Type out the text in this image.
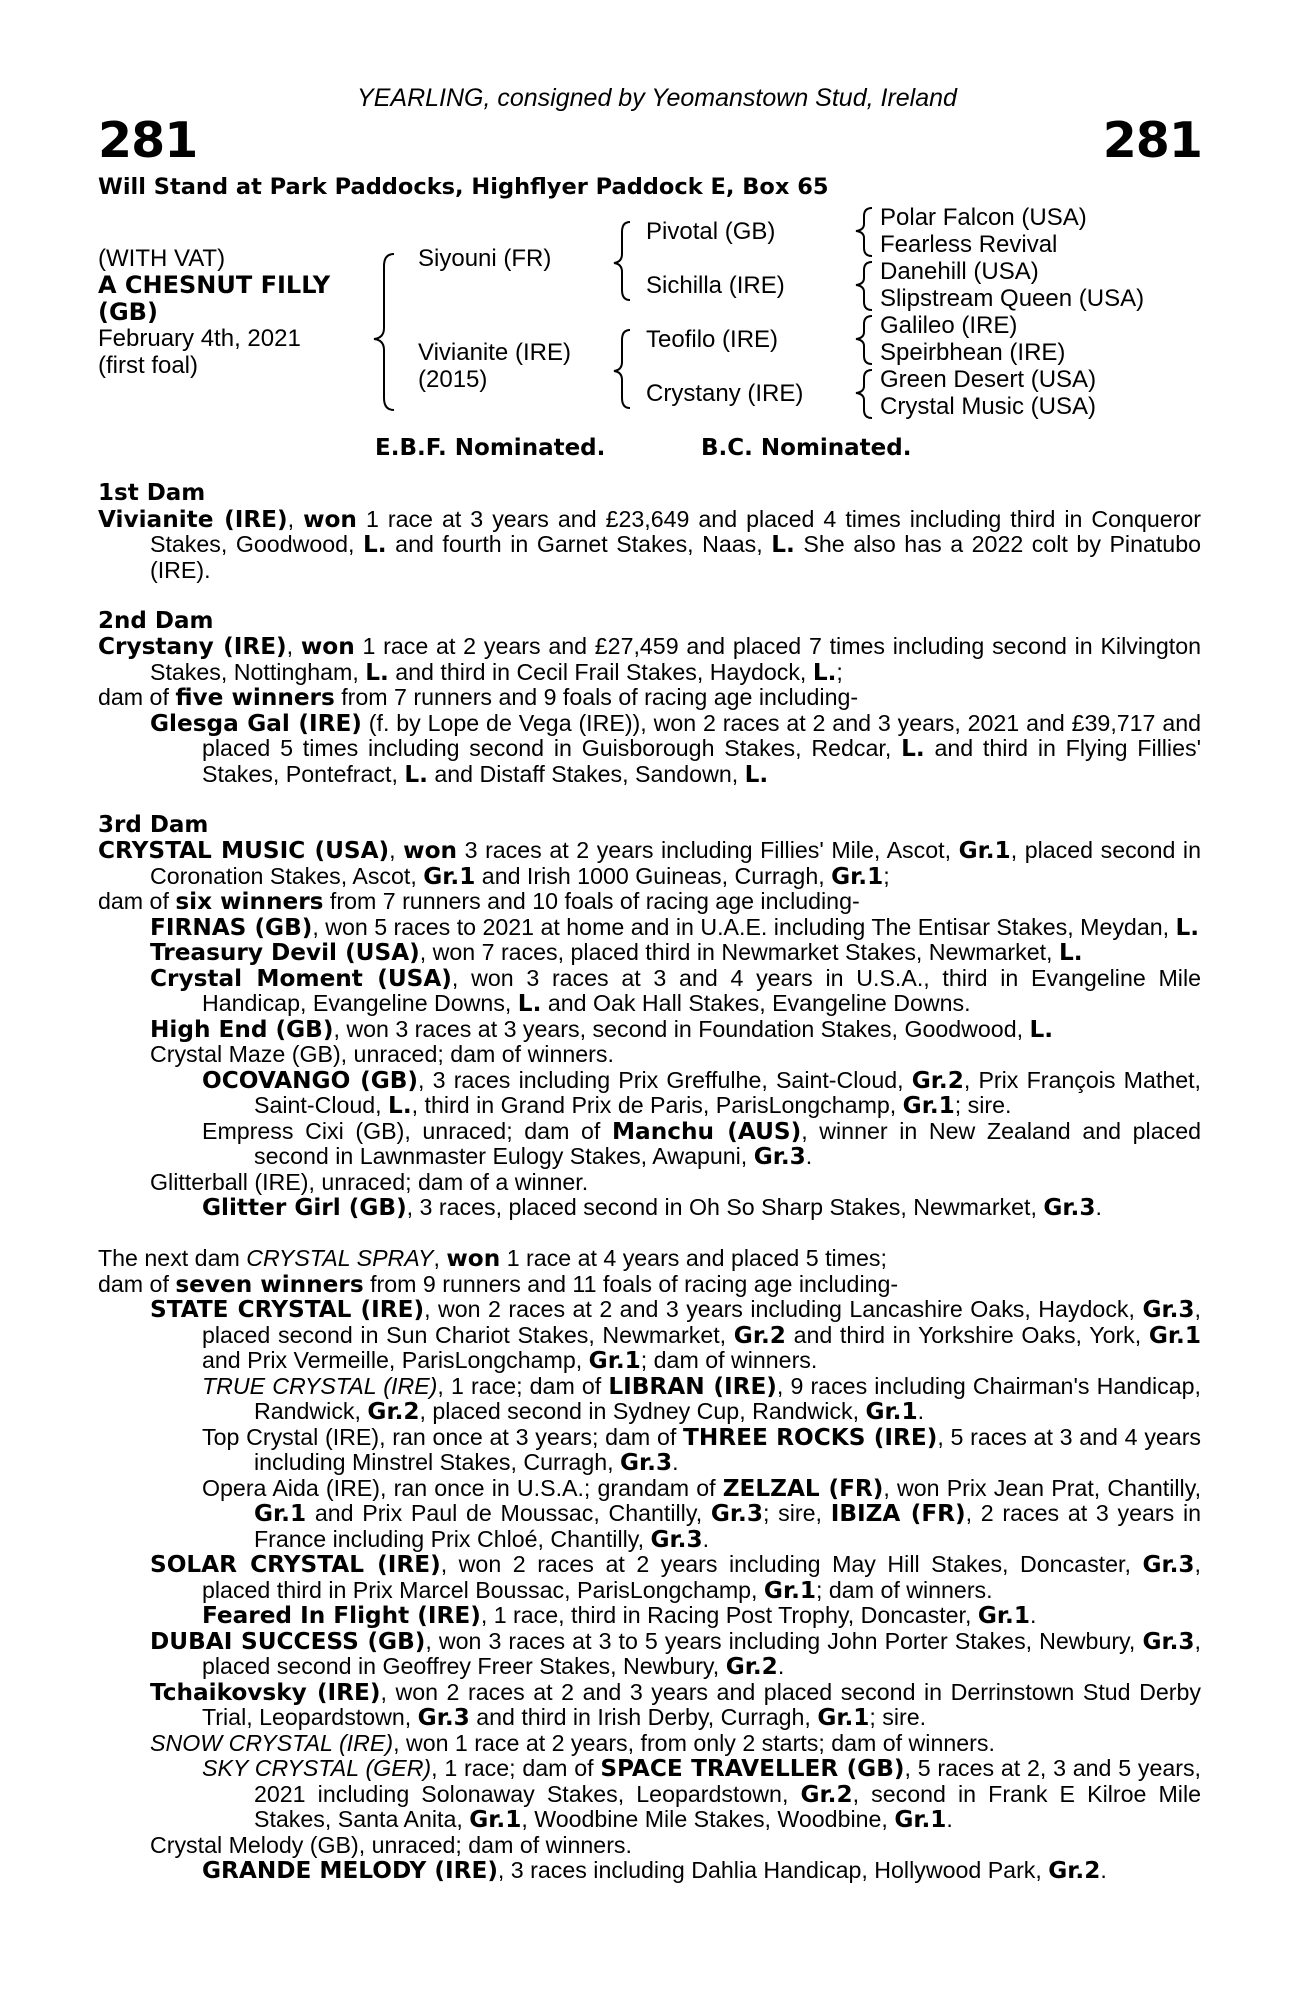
YEARLING, consigned by Yeomanstown Stud, Ireland
281	281
Will Stand at Park Paddocks, Highflyer Paddock E, Box 65
(WITH VAT)
A CHESNUT FILLY
(GB)
February 4th, 2021
(first foal)
Siyouni (FR)
Vivianite (IRE)
(2015)
Pivotal (GB)
Sichilla (IRE)
Teofilo (IRE)
Crystany (IRE)
Polar Falcon (USA)
Fearless Revival
Danehill (USA)
Slipstream Queen (USA)
Galileo (IRE)
Speirbhean (IRE)
Green Desert (USA)
Crystal Music (USA)
E.B.F. Nominated.	B.C. Nominated.
1st Dam

Vivianite (IRE), won 1 race at 3 years and £23,649 and placed 4 times including third in Conqueror Stakes, Goodwood, L. and fourth in Garnet Stakes, Naas, L. She also has a 2022 colt by Pinatubo (IRE).

2nd Dam

Crystany (IRE), won 1 race at 2 years and £27,459 and placed 7 times including second in Kilvington Stakes, Nottingham, L. and third in Cecil Frail Stakes, Haydock, L.;

dam of five winners from 7 runners and 9 foals of racing age including-

Glesga Gal (IRE) (f. by Lope de Vega (IRE)), won 2 races at 2 and 3 years, 2021 and £39,717 and placed 5 times including second in Guisborough Stakes, Redcar, L. and third in Flying Fillies' Stakes, Pontefract, L. and Distaff Stakes, Sandown, L.

3rd Dam

CRYSTAL MUSIC (USA), won 3 races at 2 years including Fillies' Mile, Ascot, Gr.1, placed second in Coronation Stakes, Ascot, Gr.1 and Irish 1000 Guineas, Curragh, Gr.1;

dam of six winners from 7 runners and 10 foals of racing age including-

FIRNAS (GB), won 5 races to 2021 at home and in U.A.E. including The Entisar Stakes, Meydan, L.

Treasury Devil (USA), won 7 races, placed third in Newmarket Stakes, Newmarket, L.

Crystal Moment (USA), won 3 races at 3 and 4 years in U.S.A., third in Evangeline Mile Handicap, Evangeline Downs, L. and Oak Hall Stakes, Evangeline Downs.

High End (GB), won 3 races at 3 years, second in Foundation Stakes, Goodwood, L.

Crystal Maze (GB), unraced; dam of winners.

OCOVANGO (GB), 3 races including Prix Greffulhe, Saint-Cloud, Gr.2, Prix François Mathet, Saint-Cloud, L., third in Grand Prix de Paris, ParisLongchamp, Gr.1; sire.

Empress Cixi (GB), unraced; dam of Manchu (AUS), winner in New Zealand and placed second in Lawnmaster Eulogy Stakes, Awapuni, Gr.3.

Glitterball (IRE), unraced; dam of a winner.

Glitter Girl (GB), 3 races, placed second in Oh So Sharp Stakes, Newmarket, Gr.3.

The next dam CRYSTAL SPRAY, won 1 race at 4 years and placed 5 times;

dam of seven winners from 9 runners and 11 foals of racing age including-

STATE CRYSTAL (IRE), won 2 races at 2 and 3 years including Lancashire Oaks, Haydock, Gr.3, placed second in Sun Chariot Stakes, Newmarket, Gr.2 and third in Yorkshire Oaks, York, Gr.1 and Prix Vermeille, ParisLongchamp, Gr.1; dam of winners.

TRUE CRYSTAL (IRE), 1 race; dam of LIBRAN (IRE), 9 races including Chairman's Handicap, Randwick, Gr.2, placed second in Sydney Cup, Randwick, Gr.1.

Top Crystal (IRE), ran once at 3 years; dam of THREE ROCKS (IRE), 5 races at 3 and 4 years including Minstrel Stakes, Curragh, Gr.3.

Opera Aida (IRE), ran once in U.S.A.; grandam of ZELZAL (FR), won Prix Jean Prat, Chantilly, Gr.1 and Prix Paul de Moussac, Chantilly, Gr.3; sire, IBIZA (FR), 2 races at 3 years in France including Prix Chloé, Chantilly, Gr.3.

SOLAR CRYSTAL (IRE), won 2 races at 2 years including May Hill Stakes, Doncaster, Gr.3, placed third in Prix Marcel Boussac, ParisLongchamp, Gr.1; dam of winners.

Feared In Flight (IRE), 1 race, third in Racing Post Trophy, Doncaster, Gr.1.

DUBAI SUCCESS (GB), won 3 races at 3 to 5 years including John Porter Stakes, Newbury, Gr.3, placed second in Geoffrey Freer Stakes, Newbury, Gr.2.

Tchaikovsky (IRE), won 2 races at 2 and 3 years and placed second in Derrinstown Stud Derby Trial, Leopardstown, Gr.3 and third in Irish Derby, Curragh, Gr.1; sire.

SNOW CRYSTAL (IRE), won 1 race at 2 years, from only 2 starts; dam of winners.

SKY CRYSTAL (GER), 1 race; dam of SPACE TRAVELLER (GB), 5 races at 2, 3 and 5 years, 2021 including Solonaway Stakes, Leopardstown, Gr.2, second in Frank E Kilroe Mile Stakes, Santa Anita, Gr.1, Woodbine Mile Stakes, Woodbine, Gr.1.

Crystal Melody (GB), unraced; dam of winners.

GRANDE MELODY (IRE), 3 races including Dahlia Handicap, Hollywood Park, Gr.2.
